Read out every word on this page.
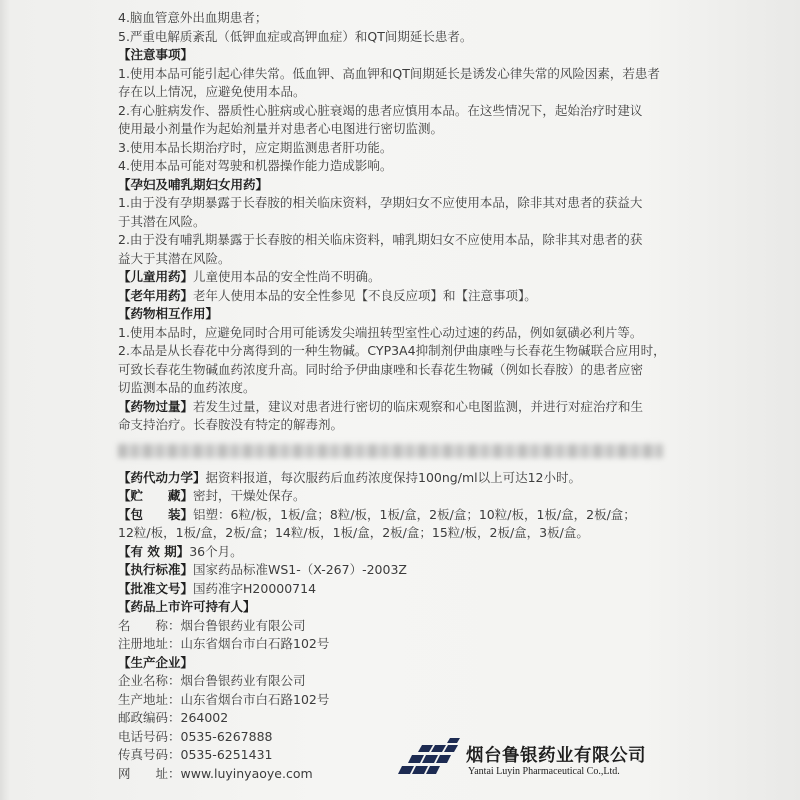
4.脑血管意外出血期患者；
5.严重电解质紊乱（低钾血症或高钾血症）和QT间期延长患者。
【注意事项】
1.使用本品可能引起心律失常。低血钾、高血钾和QT间期延长是诱发心律失常的风险因素，若患者
存在以上情况，应避免使用本品。
2.有心脏病发作、器质性心脏病或心脏衰竭的患者应慎用本品。在这些情况下，起始治疗时建议
使用最小剂量作为起始剂量并对患者心电图进行密切监测。
3.使用本品长期治疗时，应定期监测患者肝功能。
4.使用本品可能对驾驶和机器操作能力造成影响。
【孕妇及哺乳期妇女用药】
1.由于没有孕期暴露于长春胺的相关临床资料，孕期妇女不应使用本品，除非其对患者的获益大
于其潜在风险。
2.由于没有哺乳期暴露于长春胺的相关临床资料，哺乳期妇女不应使用本品，除非其对患者的获
益大于其潜在风险。
【儿童用药】儿童使用本品的安全性尚不明确。
【老年用药】老年人使用本品的安全性参见【不良反应项】和【注意事项】。
【药物相互作用】
1.使用本品时，应避免同时合用可能诱发尖端扭转型室性心动过速的药品，例如氨磺必利片等。
2.本品是从长春花中分离得到的一种生物碱。CYP3A4抑制剂伊曲康唑与长春花生物碱联合应用时，
可致长春花生物碱血药浓度升高。同时给予伊曲康唑和长春花生物碱（例如长春胺）的患者应密
切监测本品的血药浓度。
【药物过量】若发生过量，建议对患者进行密切的临床观察和心电图监测，并进行对症治疗和生
命支持治疗。长春胺没有特定的解毒剂。
【药代动力学】据资料报道，每次服药后血药浓度保持100ng/ml以上可达12小时。
【贮　　藏】密封，干燥处保存。
【包　　装】铝塑：6粒/板，1板/盒；8粒/板，1板/盒，2板/盒；10粒/板，1板/盒，2板/盒；
12粒/板，1板/盒，2板/盒；14粒/板，1板/盒，2板/盒；15粒/板，2板/盒，3板/盒。
【有 效 期】36个月。
【执行标准】国家药品标准WS1-（X-267）-2003Z
【批准文号】国药准字H20000714
【药品上市许可持有人】
名　　称：烟台鲁银药业有限公司
注册地址：山东省烟台市白石路102号
【生产企业】
企业名称：烟台鲁银药业有限公司
生产地址：山东省烟台市白石路102号
邮政编码：264002
电话号码：0535-6267888
传真号码：0535-6251431
网　　址：www.luyinyaoye.com
烟台鲁银药业有限公司
Yantai Luyin Pharmaceutical Co.,Ltd.
